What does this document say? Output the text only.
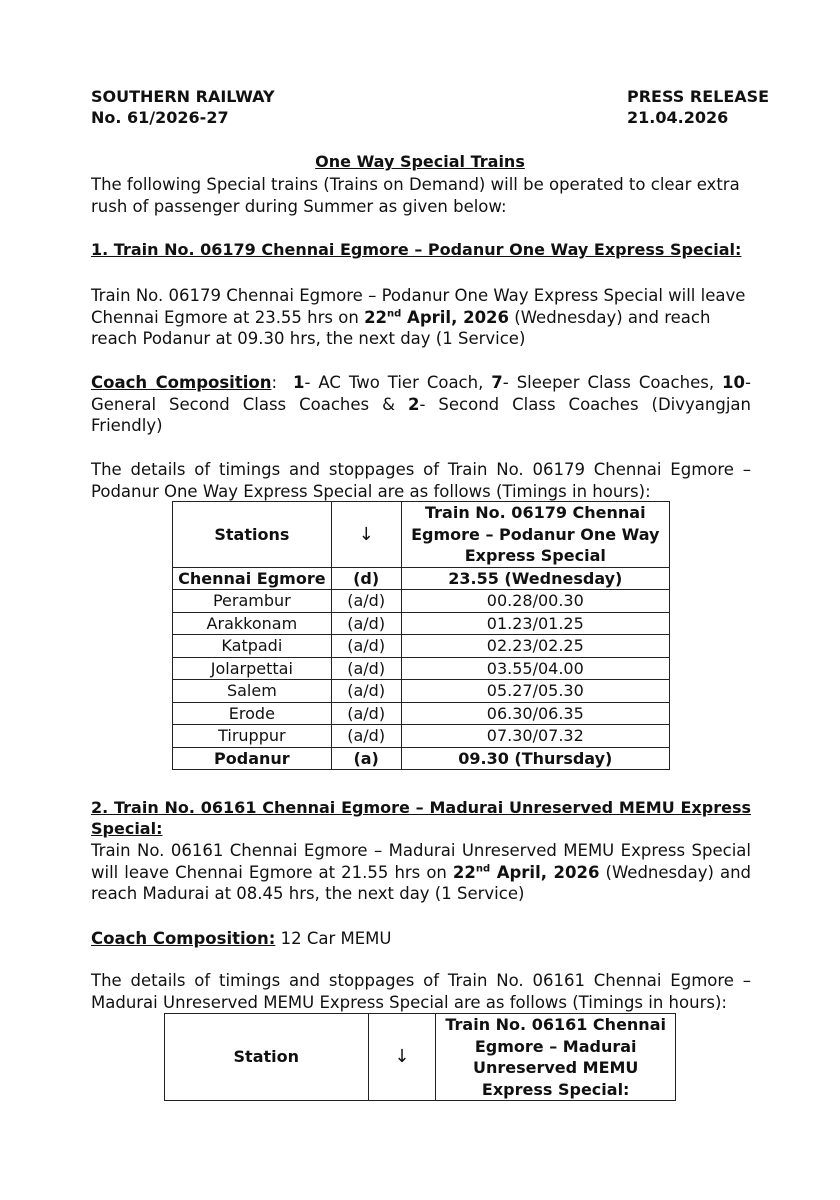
SOUTHERN RAILWAY
No. 61/2026-27
PRESS RELEASE
21.04.2026
One Way Special Trains
The following Special trains (Trains on Demand) will be operated to clear extra rush of passenger during Summer as given below:
1. Train No. 06179 Chennai Egmore – Podanur One Way Express Special:
Train No. 06179 Chennai Egmore – Podanur One Way Express Special will leave Chennai Egmore at 23.55 hrs on 22nd April, 2026 (Wednesday) and reach reach Podanur at 09.30 hrs, the next day (1 Service)
Coach Composition: 1- AC Two Tier Coach, 7- Sleeper Class Coaches, 10- General Second Class Coaches & 2- Second Class Coaches (Divyangjan Friendly)
The details of timings and stoppages of Train No. 06179 Chennai Egmore – Podanur One Way Express Special are as follows (Timings in hours):
Stations	↓	Train No. 06179 Chennai Egmore – Podanur One Way Express Special
Chennai Egmore	(d)	23.55 (Wednesday)
Perambur	(a/d)	00.28/00.30
Arakkonam	(a/d)	01.23/01.25
Katpadi	(a/d)	02.23/02.25
Jolarpettai	(a/d)	03.55/04.00
Salem	(a/d)	05.27/05.30
Erode	(a/d)	06.30/06.35
Tiruppur	(a/d)	07.30/07.32
Podanur	(a)	09.30 (Thursday)
2. Train No. 06161 Chennai Egmore – Madurai Unreserved MEMU Express Special:
Train No. 06161 Chennai Egmore – Madurai Unreserved MEMU Express Special will leave Chennai Egmore at 21.55 hrs on 22nd April, 2026 (Wednesday) and reach Madurai at 08.45 hrs, the next day (1 Service)
Coach Composition: 12 Car MEMU
The details of timings and stoppages of Train No. 06161 Chennai Egmore – Madurai Unreserved MEMU Express Special are as follows (Timings in hours):
Station	↓	Train No. 06161 Chennai Egmore – Madurai Unreserved MEMU Express Special:
